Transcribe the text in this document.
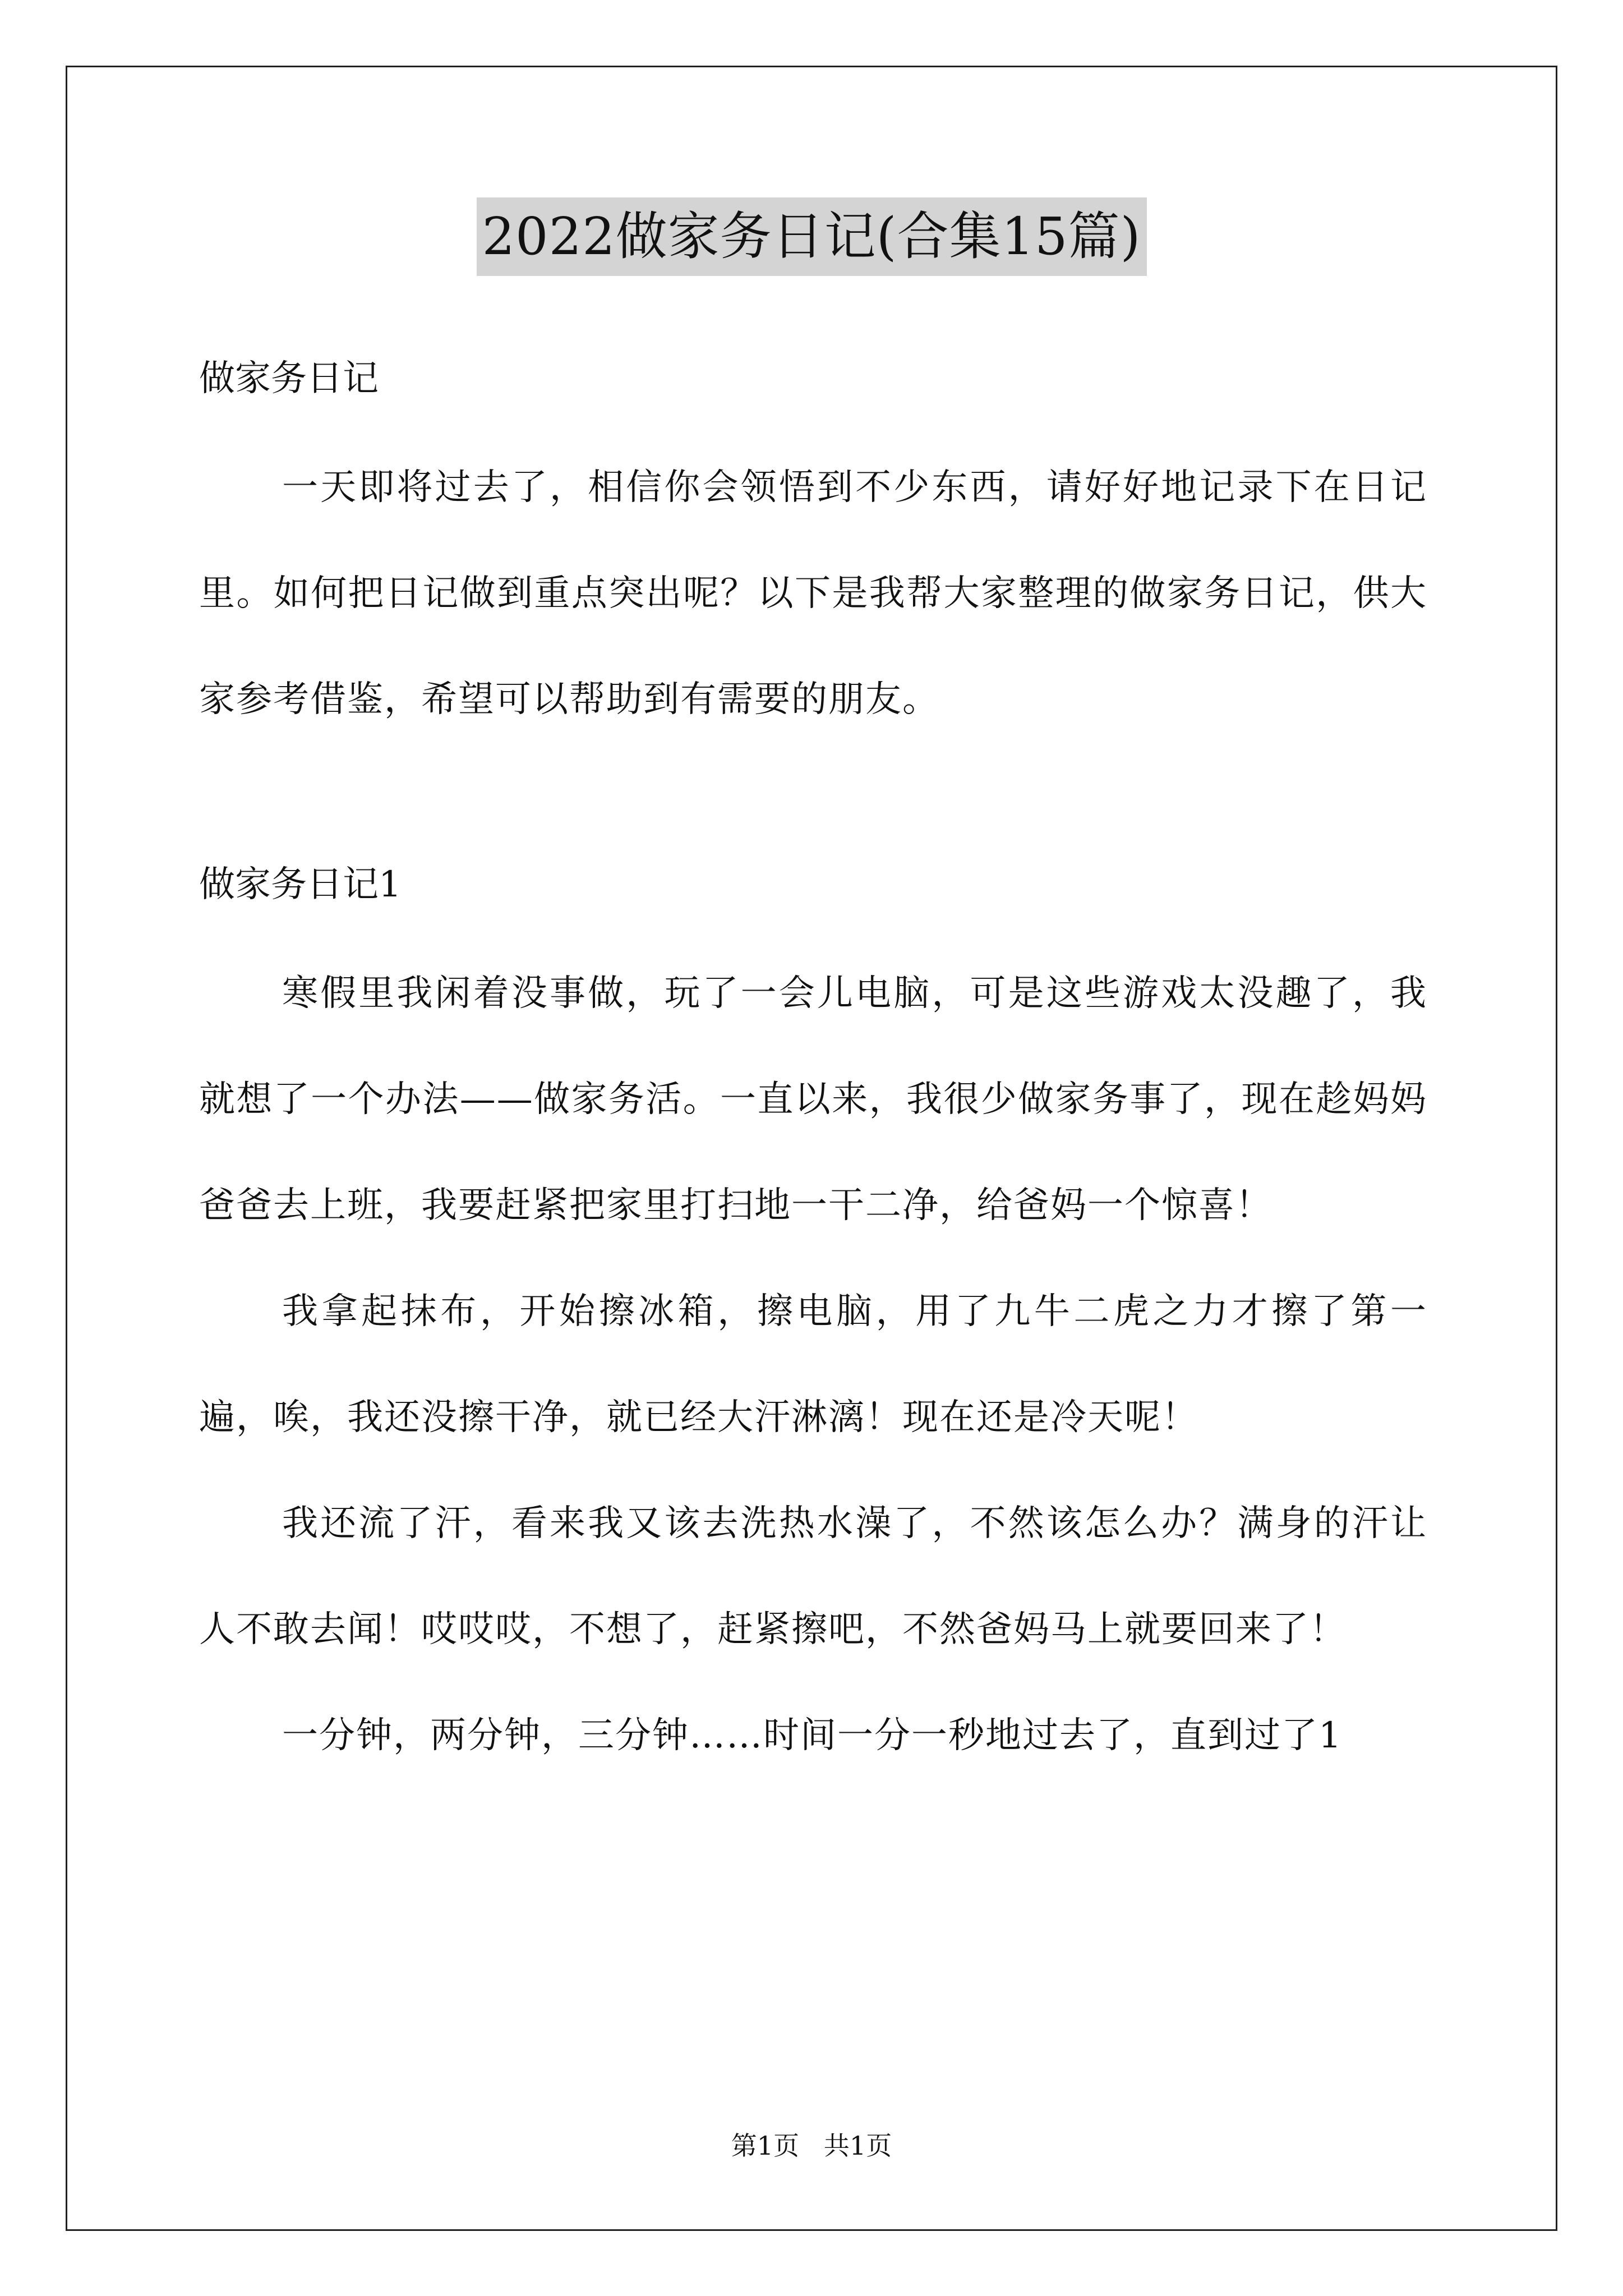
2022做家务日记(合集15篇)

做家务日记

一天即将过去了，相信你会领悟到不少东西，请好好地记录下在日记里。如何把日记做到重点突出呢？以下是我帮大家整理的做家务日记，供大家参考借鉴，希望可以帮助到有需要的朋友。

做家务日记1

寒假里我闲着没事做，玩了一会儿电脑，可是这些游戏太没趣了，我就想了一个办法——做家务活。一直以来，我很少做家务事了，现在趁妈妈爸爸去上班，我要赶紧把家里打扫地一干二净，给爸妈一个惊喜！

我拿起抹布，开始擦冰箱，擦电脑，用了九牛二虎之力才擦了第一遍，唉，我还没擦干净，就已经大汗淋漓！现在还是冷天呢！

我还流了汗，看来我又该去洗热水澡了，不然该怎么办？满身的汗让人不敢去闻！哎哎哎，不想了，赶紧擦吧，不然爸妈马上就要回来了！

一分钟，两分钟，三分钟……时间一分一秒地过去了，直到过了1

第1页   共1页
